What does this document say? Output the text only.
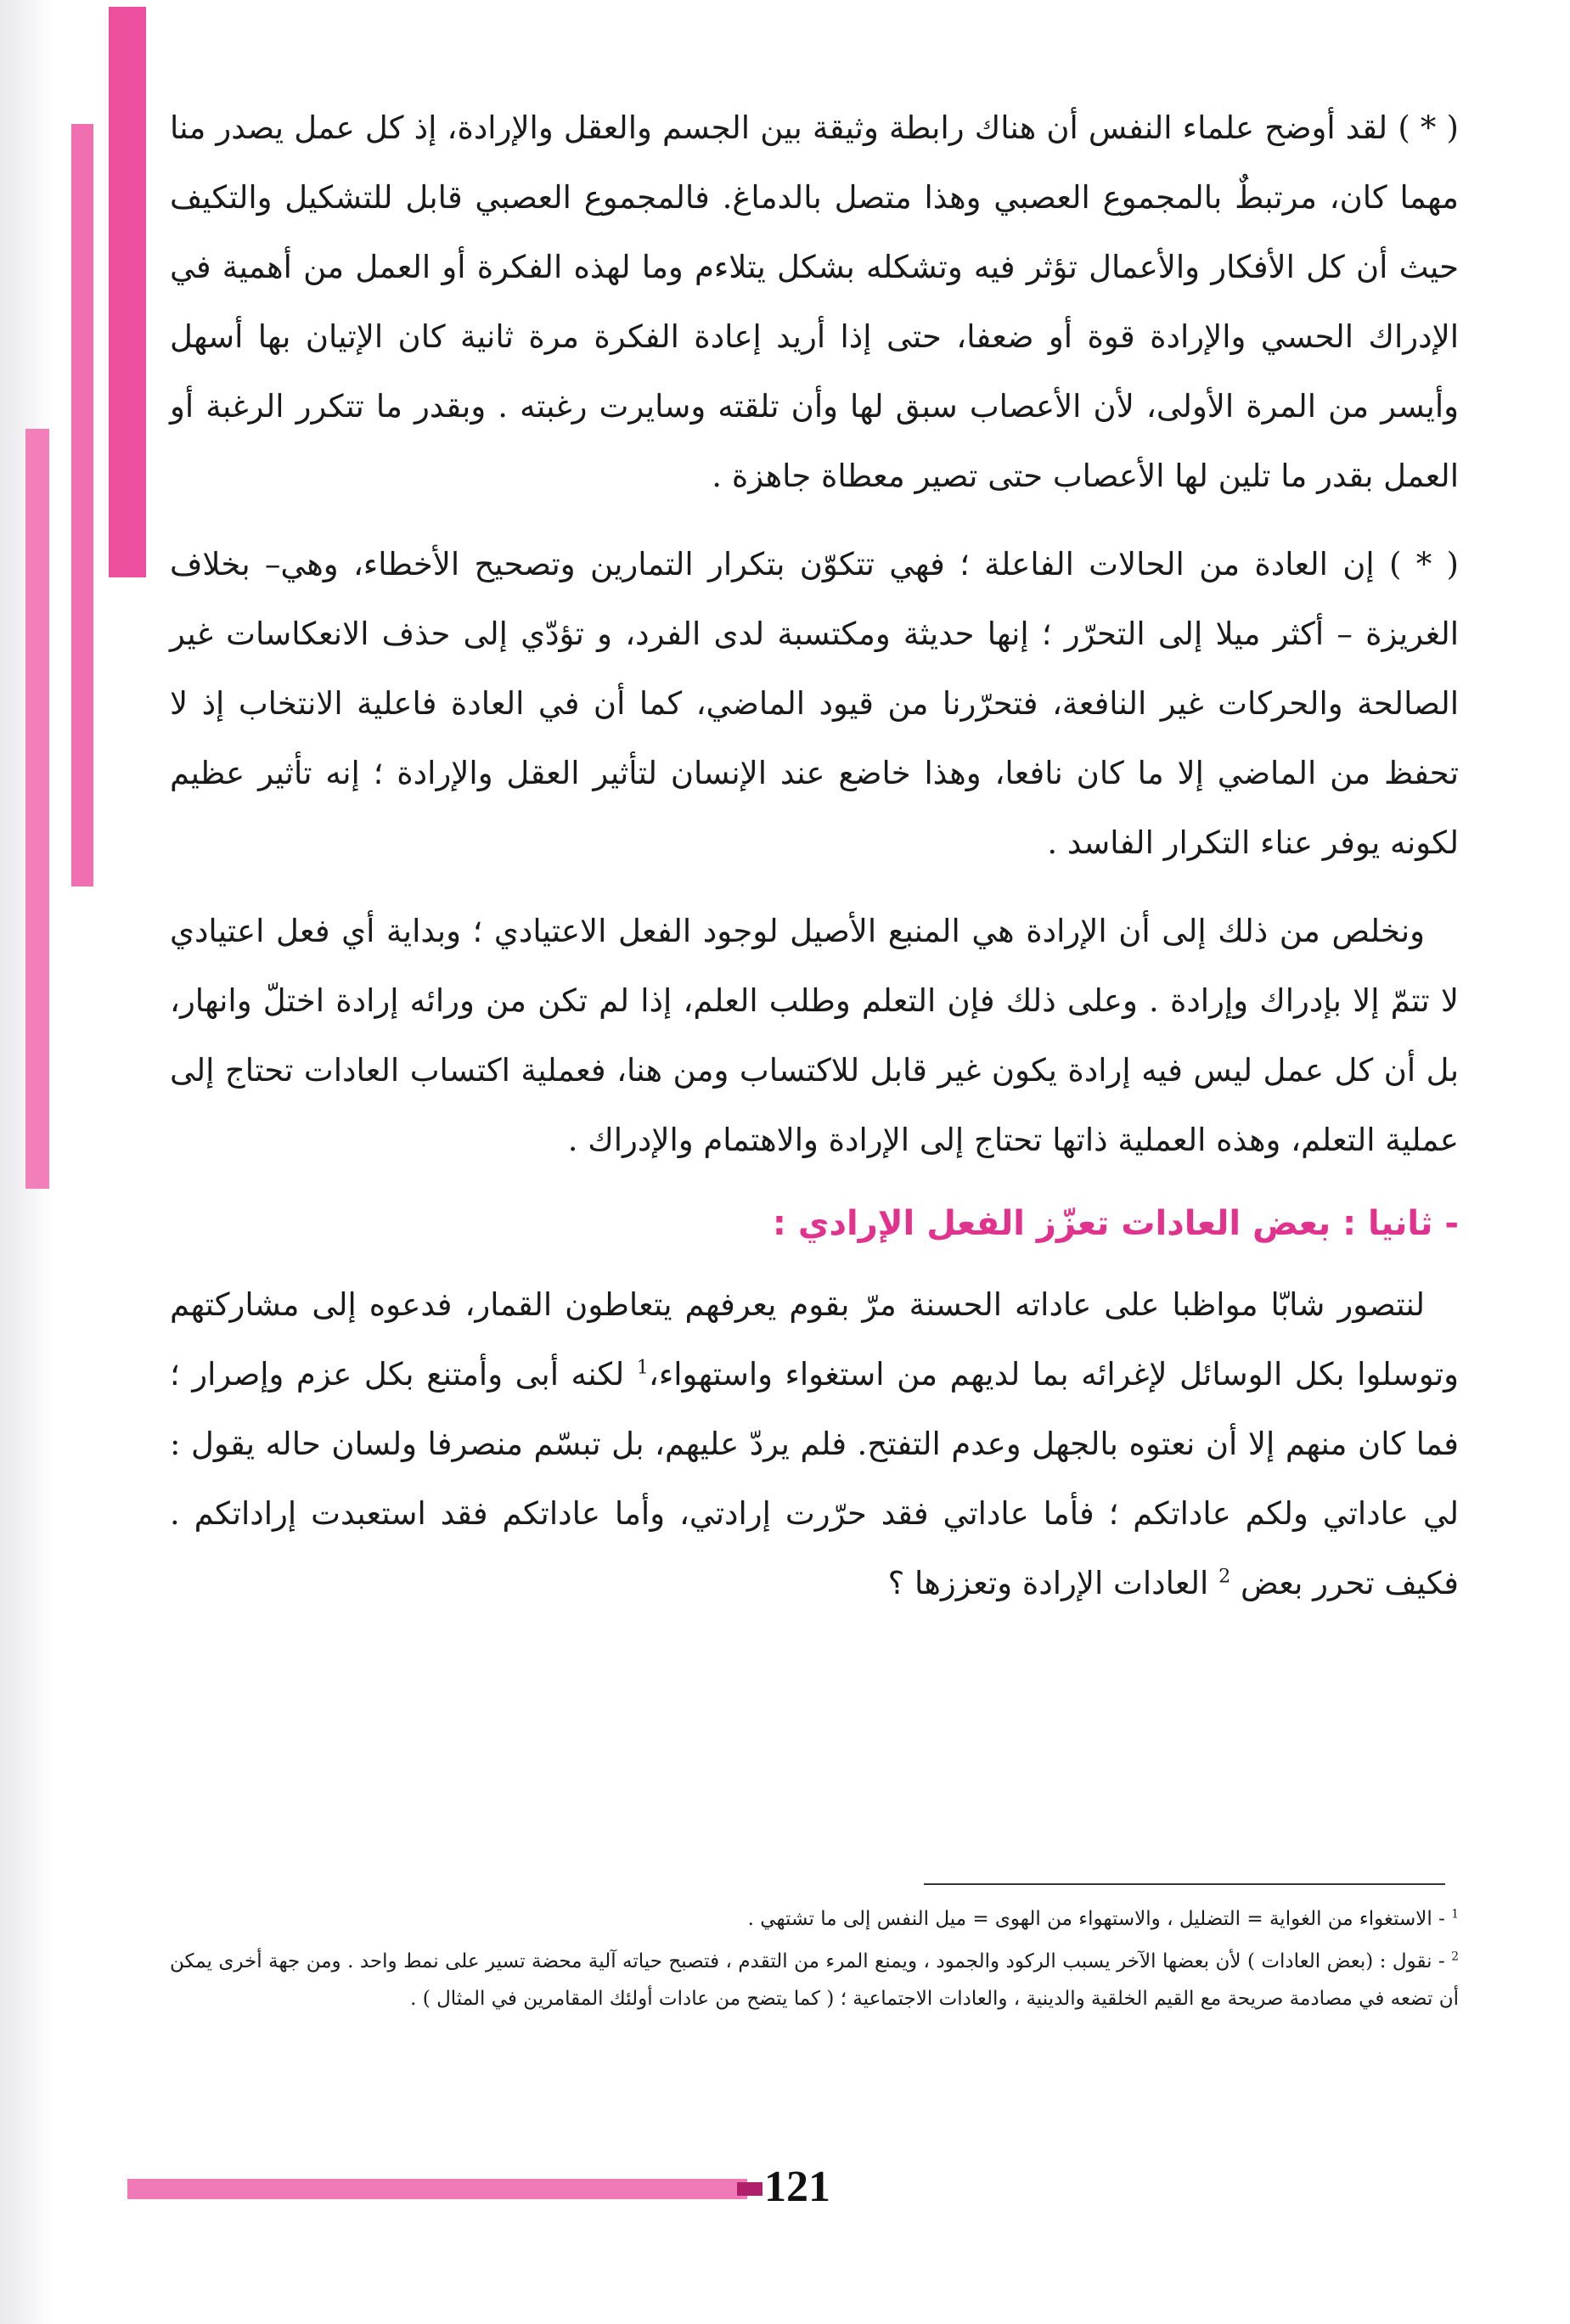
( * ) لقد أوضح علماء النفس أن هناك رابطة وثيقة بين الجسم والعقل والإرادة، إذ كل عمل يصدر منا مهما كان، مرتبطٌ بالمجموع العصبي وهذا متصل بالدماغ. فالمجموع العصبي قابل للتشكيل والتكيف حيث أن كل الأفكار والأعمال تؤثر فيه وتشكله بشكل يتلاءم وما لهذه الفكرة أو العمل من أهمية في الإدراك الحسي والإرادة قوة أو ضعفا، حتى إذا أريد إعادة الفكرة مرة ثانية كان الإتيان بها أسهل وأيسر من المرة الأولى، لأن الأعصاب سبق لها وأن تلقته وسايرت رغبته . وبقدر ما تتكرر الرغبة أو العمل بقدر ما تلين لها الأعصاب حتى تصير معطاة جاهزة .

( * ) إن العادة من الحالات الفاعلة ؛ فهي تتكوّن بتكرار التمارين وتصحيح الأخطاء، وهي– بخلاف الغريزة – أكثر ميلا إلى التحرّر ؛ إنها حديثة ومكتسبة لدى الفرد، و تؤدّي إلى حذف الانعكاسات غير الصالحة والحركات غير النافعة، فتحرّرنا من قيود الماضي، كما أن في العادة فاعلية الانتخاب إذ لا تحفظ من الماضي إلا ما كان نافعا، وهذا خاضع عند الإنسان لتأثير العقل والإرادة ؛ إنه تأثير عظيم لكونه يوفر عناء التكرار الفاسد .

ونخلص من ذلك إلى أن الإرادة هي المنبع الأصيل لوجود الفعل الاعتيادي ؛ وبداية أي فعل اعتيادي لا تتمّ إلا بإدراك وإرادة . وعلى ذلك فإن التعلم وطلب العلم، إذا لم تكن من ورائه إرادة اختلّ وانهار، بل أن كل عمل ليس فيه إرادة يكون غير قابل للاكتساب ومن هنا، فعملية اكتساب العادات تحتاج إلى عملية التعلم، وهذه العملية ذاتها تحتاج إلى الإرادة والاهتمام والإدراك .

- ثانيا : بعض العادات تعزّز الفعل الإرادي :

لنتصور شابّا مواظبا على عاداته الحسنة مرّ بقوم يعرفهم يتعاطون القمار، فدعوه إلى مشاركتهم وتوسلوا بكل الوسائل لإغرائه بما لديهم من استغواء واستهواء،$^1$ لكنه أبى وأمتنع بكل عزم وإصرار ؛ فما كان منهم إلا أن نعتوه بالجهل وعدم التفتح. فلم يردّ عليهم، بل تبسّم منصرفا ولسان حاله يقول : لي عاداتي ولكم عاداتكم ؛ فأما عاداتي فقد حرّرت إرادتي، وأما عاداتكم فقد استعبدت إراداتكم . فكيف تحرر بعض $^2$ العادات الإرادة وتعززها ؟

$^1$ - الاستغواء من الغواية = التضليل ، والاستهواء من الهوى = ميل النفس إلى ما تشتهي .

$^2$ - نقول : (بعض العادات ) لأن بعضها الآخر يسبب الركود والجمود ، ويمنع المرء من التقدم ، فتصبح حياته آلية محضة تسير على نمط واحد . ومن جهة أخرى يمكن أن تضعه في مصادمة صريحة مع القيم الخلقية والدينية ، والعادات الاجتماعية ؛ ( كما يتضح من عادات أولئك المقامرين في المثال ) .

121
